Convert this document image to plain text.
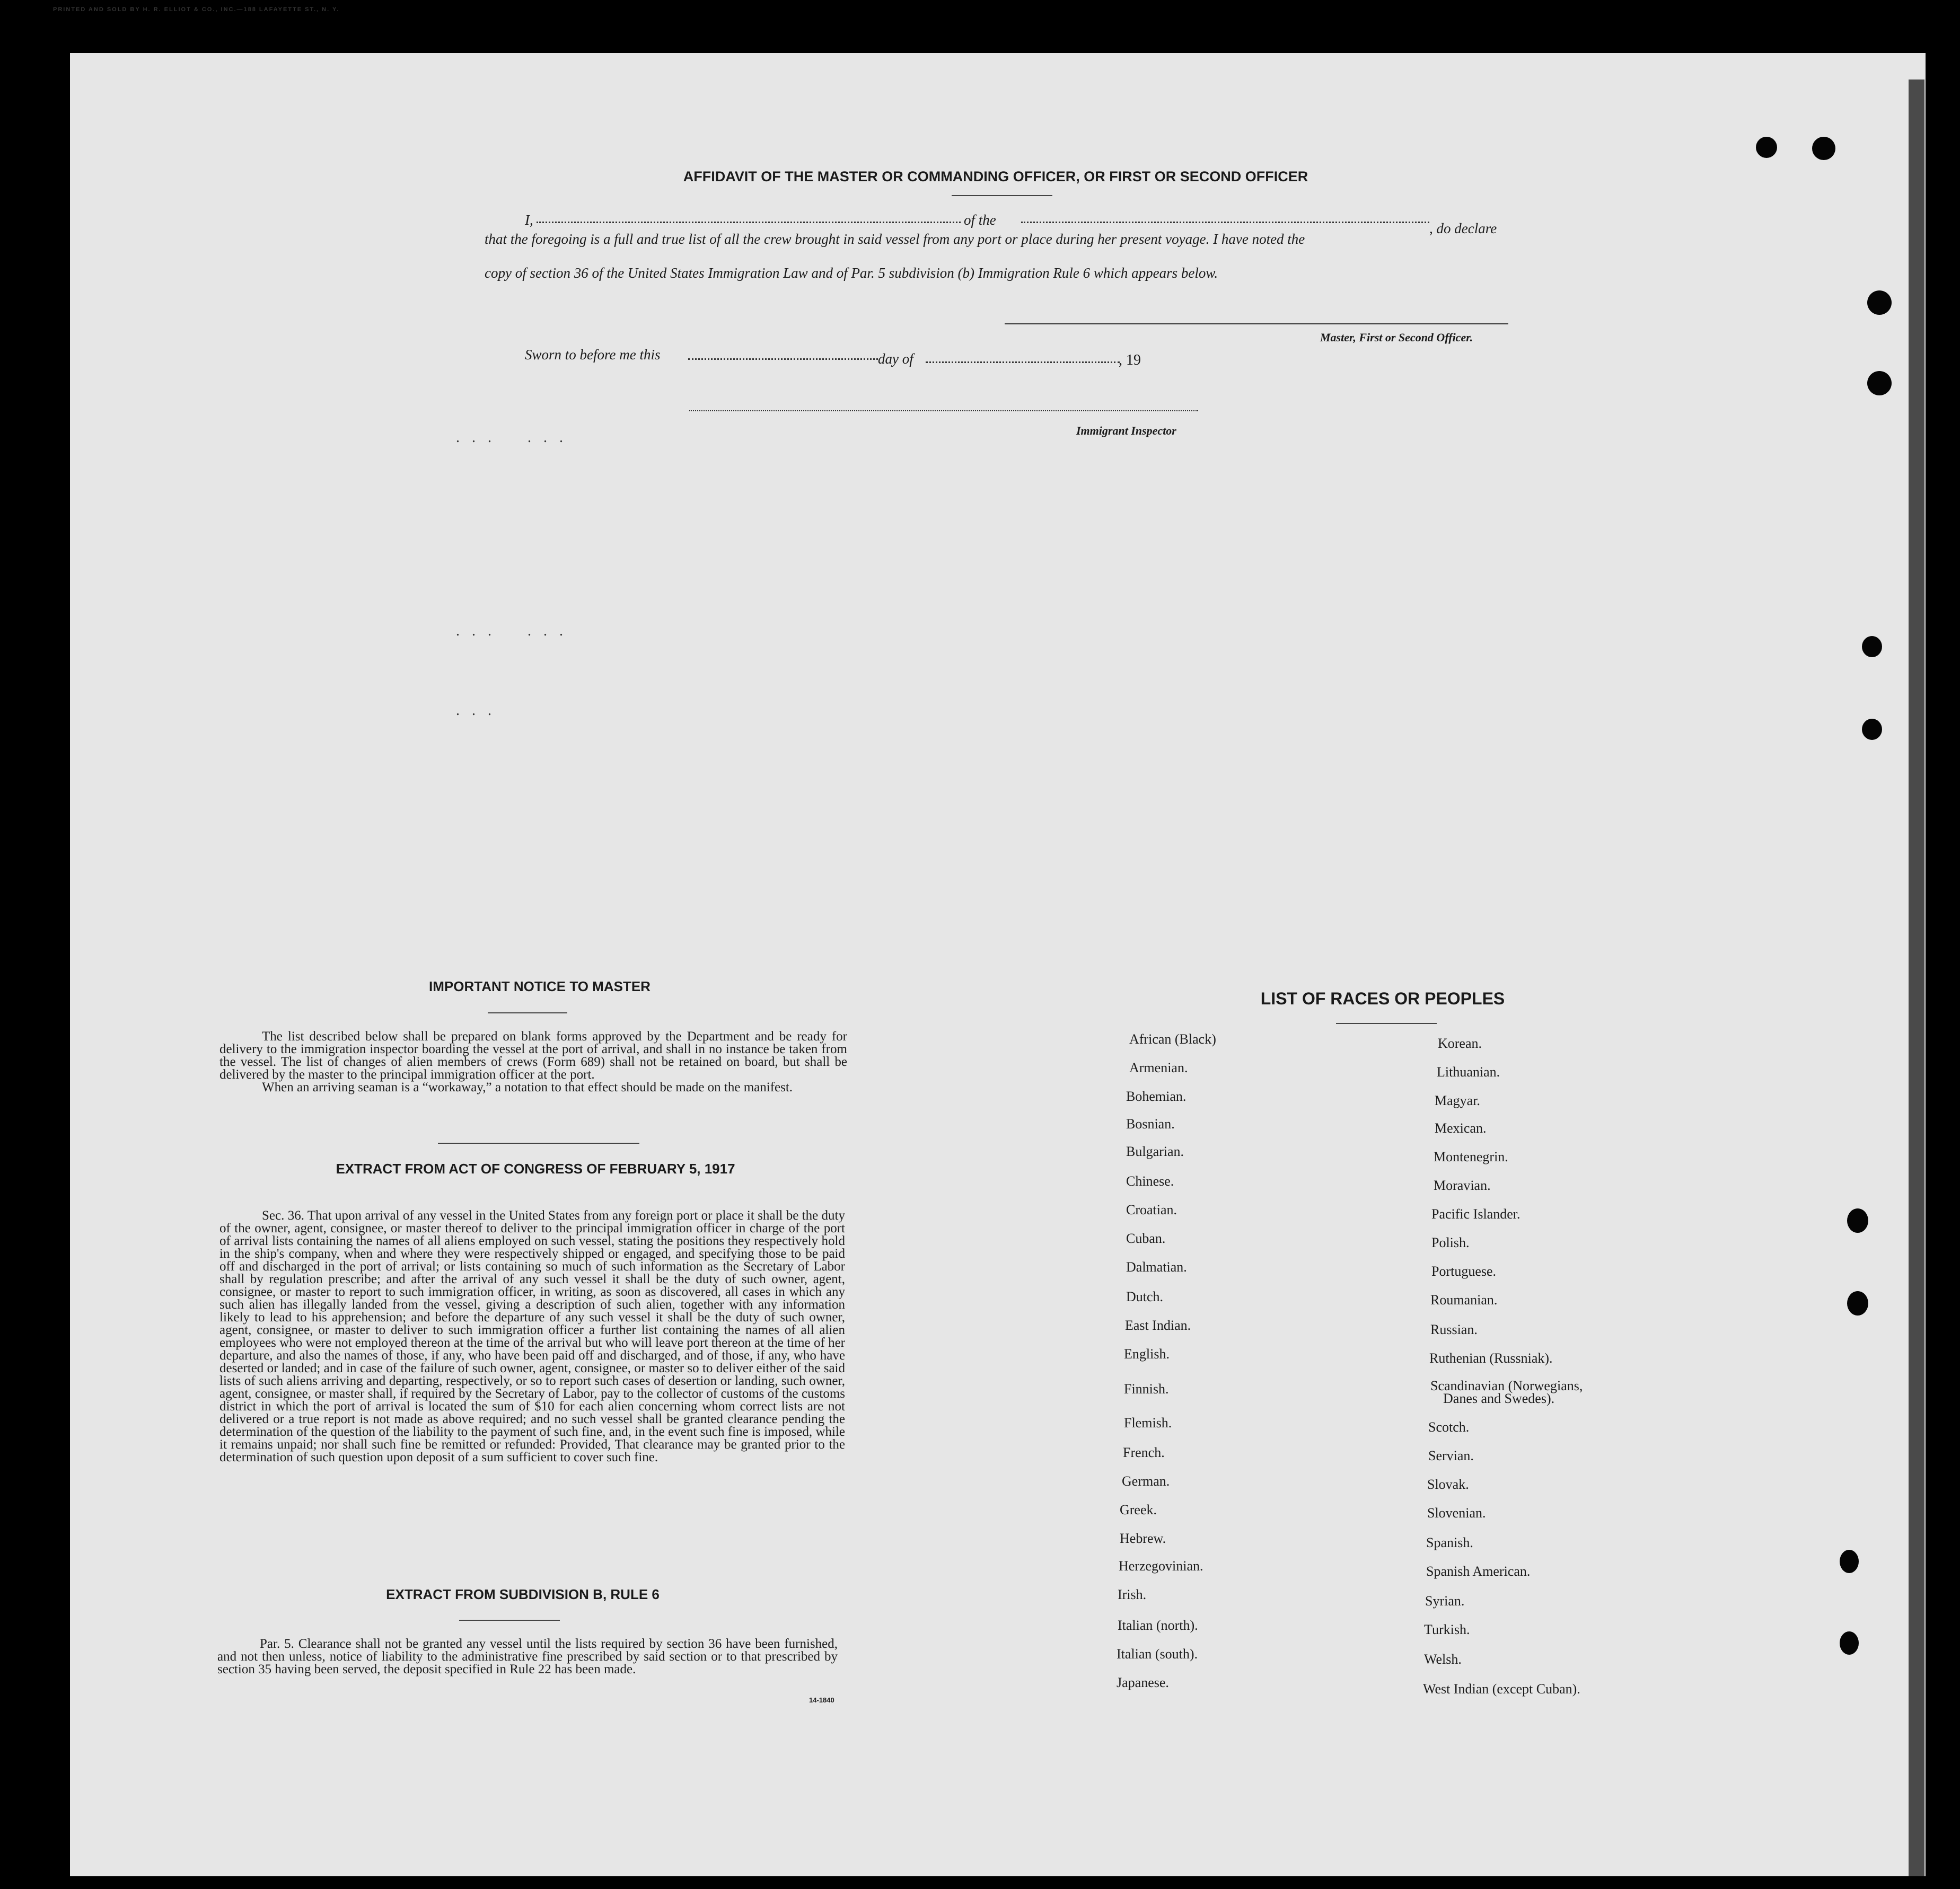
PRINTED AND SOLD BY H. R. ELLIOT & CO., INC.—188 LAFAYETTE ST., N. Y.
. . .    . . .
. . .    . . .
. . .
AFFIDAVIT OF THE MASTER OR COMMANDING OFFICER, OR FIRST OR SECOND OFFICER
I,	of the
, do declare
that the foregoing is a full and true list of all the crew brought in said vessel from any port or place during her present voyage. I have noted the
copy of section 36 of the United States Immigration Law and of Par. 5 subdivision (b) Immigration Rule 6 which appears below.
Master, First or Second Officer.
Sworn to before me this	day of	, 19
Immigrant Inspector
IMPORTANT NOTICE TO MASTER

The list described below shall be prepared on blank forms approved by the Department and be ready for delivery to the immigration inspector boarding the vessel at the port of arrival, and shall in no instance be taken from the vessel. The list of changes of alien members of crews (Form 689) shall not be retained on board, but shall be delivered by the master to the principal immigration officer at the port.

When an arriving seaman is a “workaway,” a notation to that effect should be made on the manifest.

EXTRACT FROM ACT OF CONGRESS OF FEBRUARY 5, 1917

Sec. 36. That upon arrival of any vessel in the United States from any foreign port or place it shall be the duty of the owner, agent, consignee, or master thereof to deliver to the principal immigration officer in charge of the port of arrival lists containing the names of all aliens employed on such vessel, stating the positions they respectively hold in the ship's company, when and where they were respectively shipped or engaged, and specifying those to be paid off and discharged in the port of arrival; or lists containing so much of such information as the Secretary of Labor shall by regulation prescribe; and after the arrival of any such vessel it shall be the duty of such owner, agent, consignee, or master to report to such immigration officer, in writing, as soon as discovered, all cases in which any such alien has illegally landed from the vessel, giving a description of such alien, together with any information likely to lead to his apprehension; and before the departure of any such vessel it shall be the duty of such owner, agent, consignee, or master to deliver to such immigration officer a further list containing the names of all alien employees who were not employed thereon at the time of the arrival but who will leave port thereon at the time of her departure, and also the names of those, if any, who have been paid off and discharged, and of those, if any, who have deserted or landed; and in case of the failure of such owner, agent, consignee, or master so to deliver either of the said lists of such aliens arriving and departing, respectively, or so to report such cases of desertion or landing, such owner, agent, consignee, or master shall, if required by the Secretary of Labor, pay to the collector of customs of the customs district in which the port of arrival is located the sum of $10 for each alien concerning whom correct lists are not delivered or a true report is not made as above required; and no such vessel shall be granted clearance pending the determination of the question of the liability to the payment of such fine, and, in the event such fine is imposed, while it remains unpaid; nor shall such fine be remitted or refunded: Provided, That clearance may be granted prior to the determination of such question upon deposit of a sum sufficient to cover such fine.

EXTRACT FROM SUBDIVISION B, RULE 6

Par. 5. Clearance shall not be granted any vessel until the lists required by section 36 have been furnished, and not then unless, notice of liability to the administrative fine prescribed by said section or to that prescribed by section 35 having been served, the deposit specified in Rule 22 has been made.

14-1840
LIST OF RACES OR PEOPLES
African (Black)
Armenian.
Bohemian.
Bosnian.
Bulgarian.
Chinese.
Croatian.
Cuban.
Dalmatian.
Dutch.
East Indian.
English.
Finnish.
Flemish.
French.
German.
Greek.
Hebrew.
Herzegovinian.
Irish.
Italian (north).
Italian (south).
Japanese.
Korean.
Lithuanian.
Magyar.
Mexican.
Montenegrin.
Moravian.
Pacific Islander.
Polish.
Portuguese.
Roumanian.
Russian.
Ruthenian (Russniak).
Scandinavian (Norwegians,
Scotch.
Servian.
Slovak.
Slovenian.
Spanish.
Spanish American.
Syrian.
Turkish.
Welsh.
West Indian (except Cuban).
Danes and Swedes).
